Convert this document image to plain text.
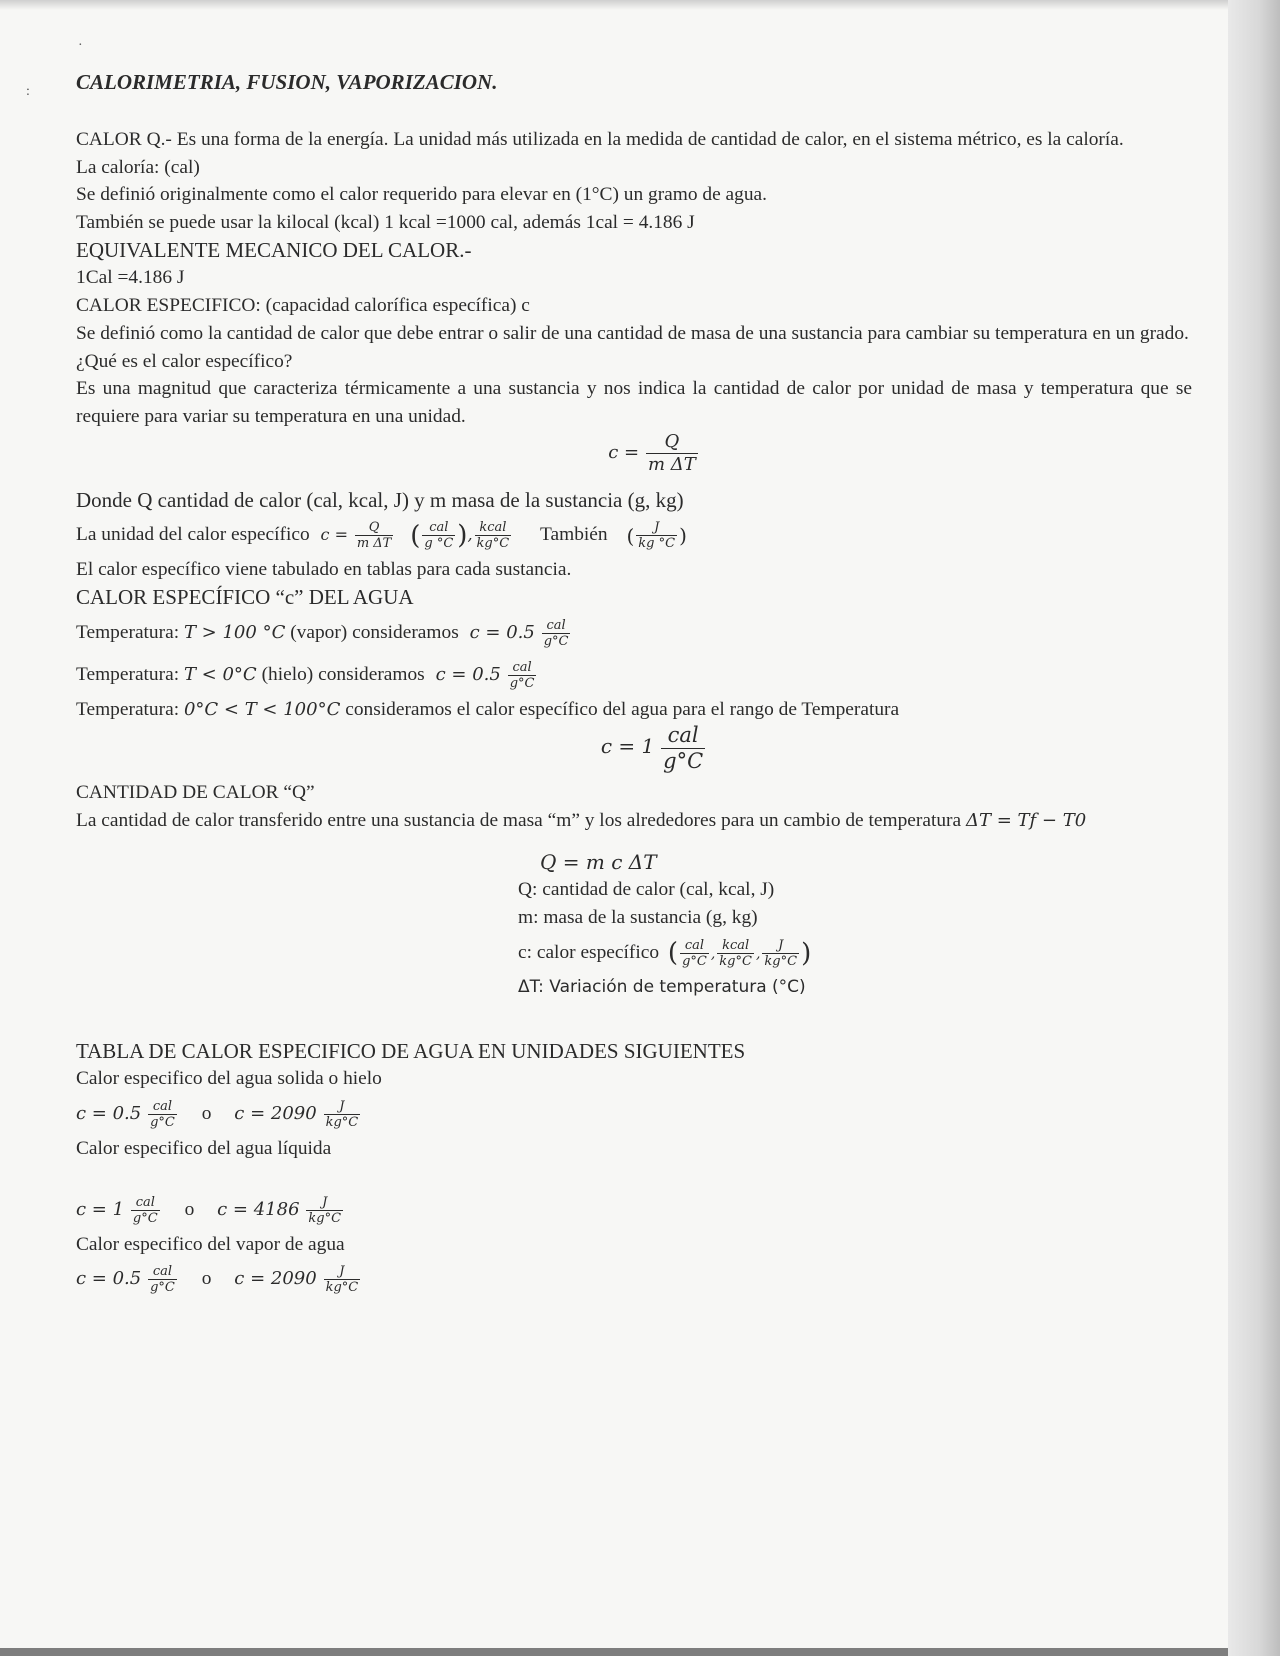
·
: CALORIMETRIA, FUSION, VAPORIZACION.
CALOR Q.- Es una forma de la energía. La unidad más utilizada en la medida de cantidad de calor, en el sistema métrico, es la caloría.
La caloría: (cal)
Se definió originalmente como el calor requerido para elevar en (1°C) un gramo de agua.
También se puede usar la kilocal (kcal) 1 kcal =1000 cal, además 1cal = 4.186 J
EQUIVALENTE MECANICO DEL CALOR.-
1Cal =4.186 J
CALOR ESPECIFICO: (capacidad calorífica específica) c
Se definió como la cantidad de calor que debe entrar o salir de una cantidad de masa de una sustancia para cambiar su temperatura en un grado.
¿Qué es el calor específico?
Es una magnitud que caracteriza térmicamente a una sustancia y nos indica la cantidad de calor por unidad de masa y temperatura que se requiere para variar su temperatura en una unidad.
$c = \frac{Q}{\text{m ΔT}}$
Donde Q cantidad de calor (cal, kcal, J) y m masa de la sustancia (g, kg)
La unidad del calor específico $c = \frac{Q}{\text{m ΔT}}$ ( $\frac{\text{cal}}{g ^\circ C}$ ), $\frac{\text{kcal}}{kg^\circ C}$ También ( $\frac{J}{kg ^\circ C}$ )
El calor específico viene tabulado en tablas para cada sustancia.
CALOR ESPECÍFICO “c” DEL AGUA
Temperatura: T > 100 °C (vapor) consideramos $c = 0.5 \frac{\text{cal}}{g^\circ C}$
Temperatura: T < 0°C (hielo) consideramos $c = 0.5 \frac{\text{cal}}{g^\circ C}$
Temperatura: 0°C < T < 100°C consideramos el calor específico del agua para el rango de Temperatura
$c = 1 \frac{\text{cal}}{g^\circ C}$
CANTIDAD DE CALOR “Q”
La cantidad de calor transferido entre una sustancia de masa “m” y los alrededores para un cambio de temperatura ΔT = Tf − T0
Q = m c ΔT
Q: cantidad de calor (cal, kcal, J)
m: masa de la sustancia (g, kg)
c: calor específico ( $\frac{\text{cal}}{g^\circ C}$ , $\frac{\text{kcal}}{kg^\circ C}$ , $\frac{J}{kg^\circ C}$ )
ΔT: Variación de temperatura (°C)
TABLA DE CALOR ESPECIFICO DE AGUA EN UNIDADES SIGUIENTES
Calor especifico del agua solida o hielo
$c = 0.5 \frac{\text{cal}}{g^\circ C}$ o $c = 2090 \frac{J}{kg^\circ C}$
Calor especifico del agua líquida
$c = 1 \frac{\text{cal}}{g^\circ C}$ o $c = 4186 \frac{J}{kg^\circ C}$
Calor especifico del vapor de agua
$c = 0.5 \frac{\text{cal}}{g^\circ C}$ o $c = 2090 \frac{J}{kg^\circ C}$
